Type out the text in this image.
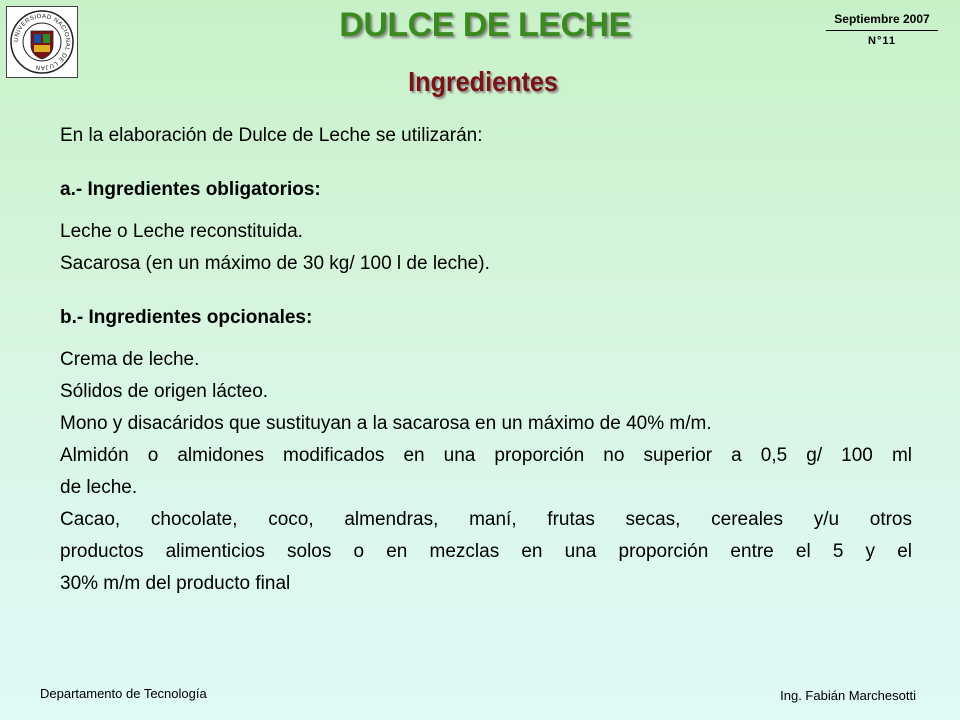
UNIVERSIDAD NACIONAL DE LUJAN
DULCE DE LECHE	Septiembre 2007
N°11
Ingredientes

En la elaboración de Dulce de Leche se utilizarán:

a.- Ingredientes obligatorios:

Leche o Leche reconstituida.

Sacarosa (en un máximo de 30 kg/ 100 l de leche).

b.- Ingredientes opcionales:

Crema de leche.

Sólidos de origen lácteo.

Mono y disacáridos que sustituyan a la sacarosa en un máximo de 40% m/m.

Almidón o almidones modificados en una proporción no superior a 0,5 g/ 100 ml

de leche.

Cacao, chocolate, coco, almendras, maní, frutas secas, cereales y/u otros

productos alimenticios solos o en mezclas en una proporción entre el 5 y el

30% m/m del producto final

Departamento de Tecnología	Ing. Fabián Marchesotti
